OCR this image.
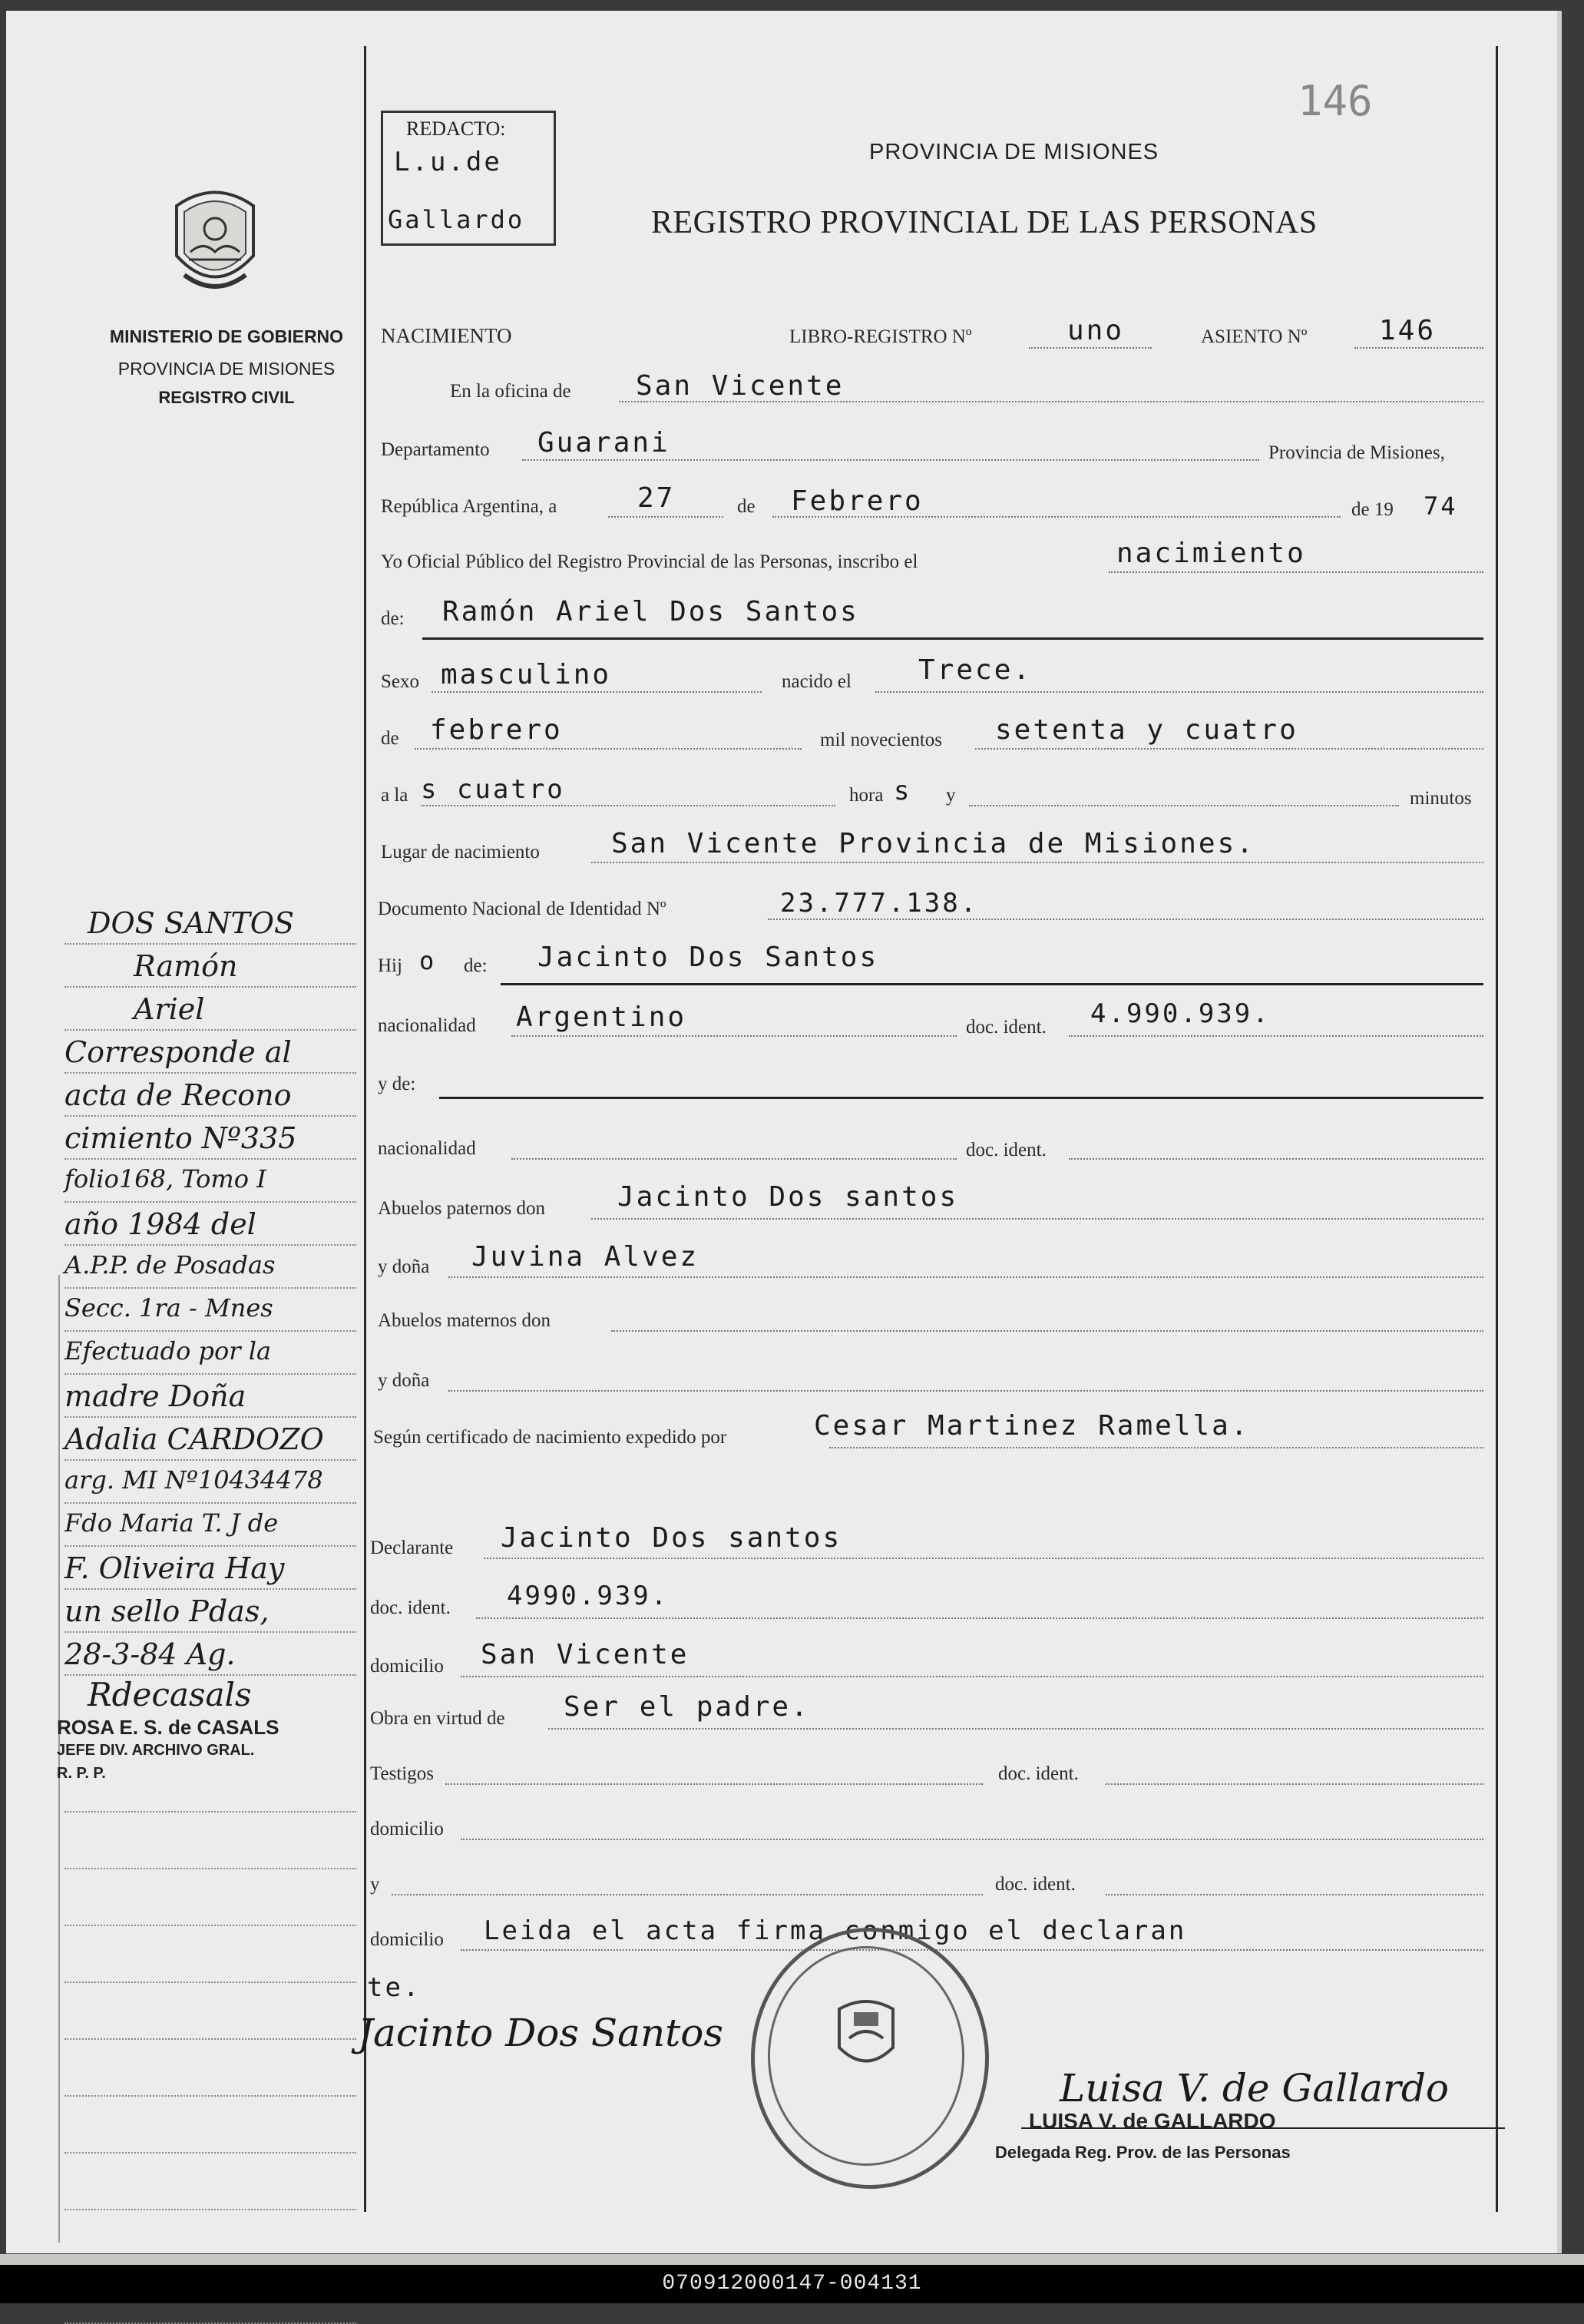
146
REDACTO:
L.u.de
Gallardo
PROVINCIA DE MISIONES
REGISTRO PROVINCIAL DE LAS PERSONAS
MINISTERIO DE GOBIERNO
PROVINCIA DE MISIONES
REGISTRO CIVIL
NACIMIENTO	LIBRO-REGISTRO Nº	uno	ASIENTO Nº	146
En la oficina de San Vicente
Departamento Guarani	Provincia de Misiones,
República Argentina, a	27	de Febrero	de 19 74
Yo Oficial Público del Registro Provincial de las Personas, inscribo el	nacimiento
de: Ramón Ariel Dos Santos
Sexo masculino	nacido el Trece.
de febrero	mil novecientos setenta y cuatro
a la s cuatro	hora s y	minutos
Lugar de nacimiento	San Vicente Provincia de Misiones.
Documento Nacional de Identidad Nº	23.777.138.
Hij o de: Jacinto Dos Santos
nacionalidad Argentino	doc. ident. 4.990.939.
y de:
nacionalidad	doc. ident.
Abuelos paternos don	Jacinto Dos santos
y doña Juvina Alvez
Abuelos maternos don
y doña
Según certificado de nacimiento expedido por	Cesar Martinez Ramella.
Declarante Jacinto Dos santos
doc. ident. 4990.939.
domicilio San Vicente
Obra en virtud de Ser el padre.
Testigos	doc. ident.
domicilio
y	doc. ident.
domicilio Leida el acta firma conmigo el declaran
te.
Jacinto Dos Santos
Luisa V. de Gallardo
LUISA V. de GALLARDO
Delegada Reg. Prov. de las Personas
DOS SANTOS
Ramón
Ariel
Corresponde al
acta de Recono
cimiento Nº335
folio168, Tomo I
año 1984 del
A.P.P. de Posadas
Secc. 1ra - Mnes
Efectuado por la
madre Doña
Adalia CARDOZO
arg. MI Nº10434478
Fdo Maria T. J de
F. Oliveira Hay
un sello Pdas,
28-3-84 Ag.
Rdecasals
ROSA E. S. de CASALS
JEFE DIV. ARCHIVO GRAL.
R. P. P.
070912000147-004131
